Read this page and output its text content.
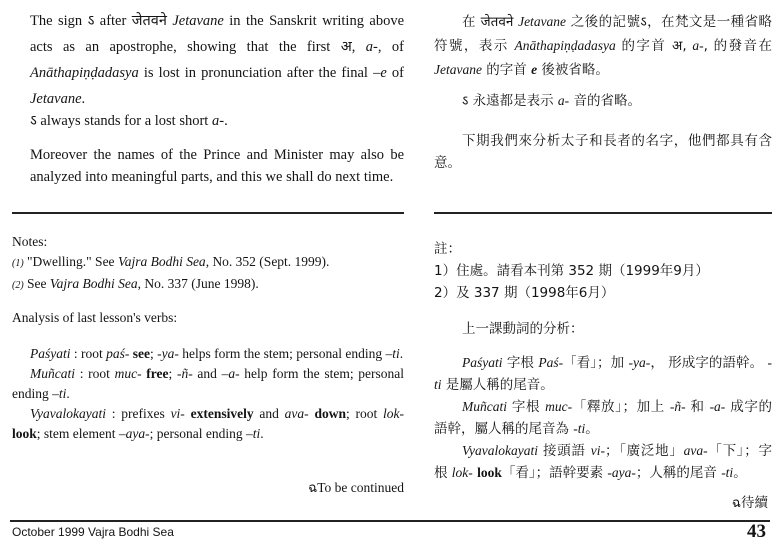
The sign ऽ after जेतवने Jetavane in the Sanskrit writing above acts as an apostrophe, showing that the first अ, a-, of Anāthapiṇḍadasya is lost in pronunciation after the final –e of Jetavane.

ऽ always stands for a lost short a-.

Moreover the names of the Prince and Minister may also be analyzed into meaningful parts, and this we shall do next time.

Notes:
(1) "Dwelling." See Vajra Bodhi Sea, No. 352 (Sept. 1999).
(2) See Vajra Bodhi Sea, No. 337 (June 1998).
Analysis of last lesson's verbs:

Paśyati : root paś- see; -ya- helps form the stem; personal ending –ti.

Muñcati : root muc- free; -ñ- and –a- help form the stem; personal ending –ti.

Vyavalokayati : prefixes vi- extensively and ava- down; root lok- look; stem element –aya-; personal ending –ti.

ฉTo be continued

在 जेतवने Jetavane 之後的記號ऽ，在梵文是一種省略符號，表示 Anāthapiṇḍadasya 的字首 अ, a-, 的發音在 Jetavane 的字首 e 後被省略。

ऽ 永遠都是表示 a- 音的省略。

下期我們來分析太子和長者的名字，他們都具有含意。

註：
1）住處。請看本刊第 352 期（1999年9月）
2）及 337 期（1998年6月）
上一課動詞的分析：

Paśyati 字根 Paś-「看」；加 -ya-， 形成字的語幹。 -ti 是屬人稱的尾音。

Muñcati 字根 muc-「釋放」；加上 -ñ- 和 -a- 成字的語幹，屬人稱的尾音為 -ti。

Vyavalokayati 接頭語 vi-；「廣泛地」ava-「下」；字根 lok- look「看」；語幹要素 -aya-；人稱的尾音 -ti。

ฉ待續
October 1999 Vajra Bodhi Sea	43
